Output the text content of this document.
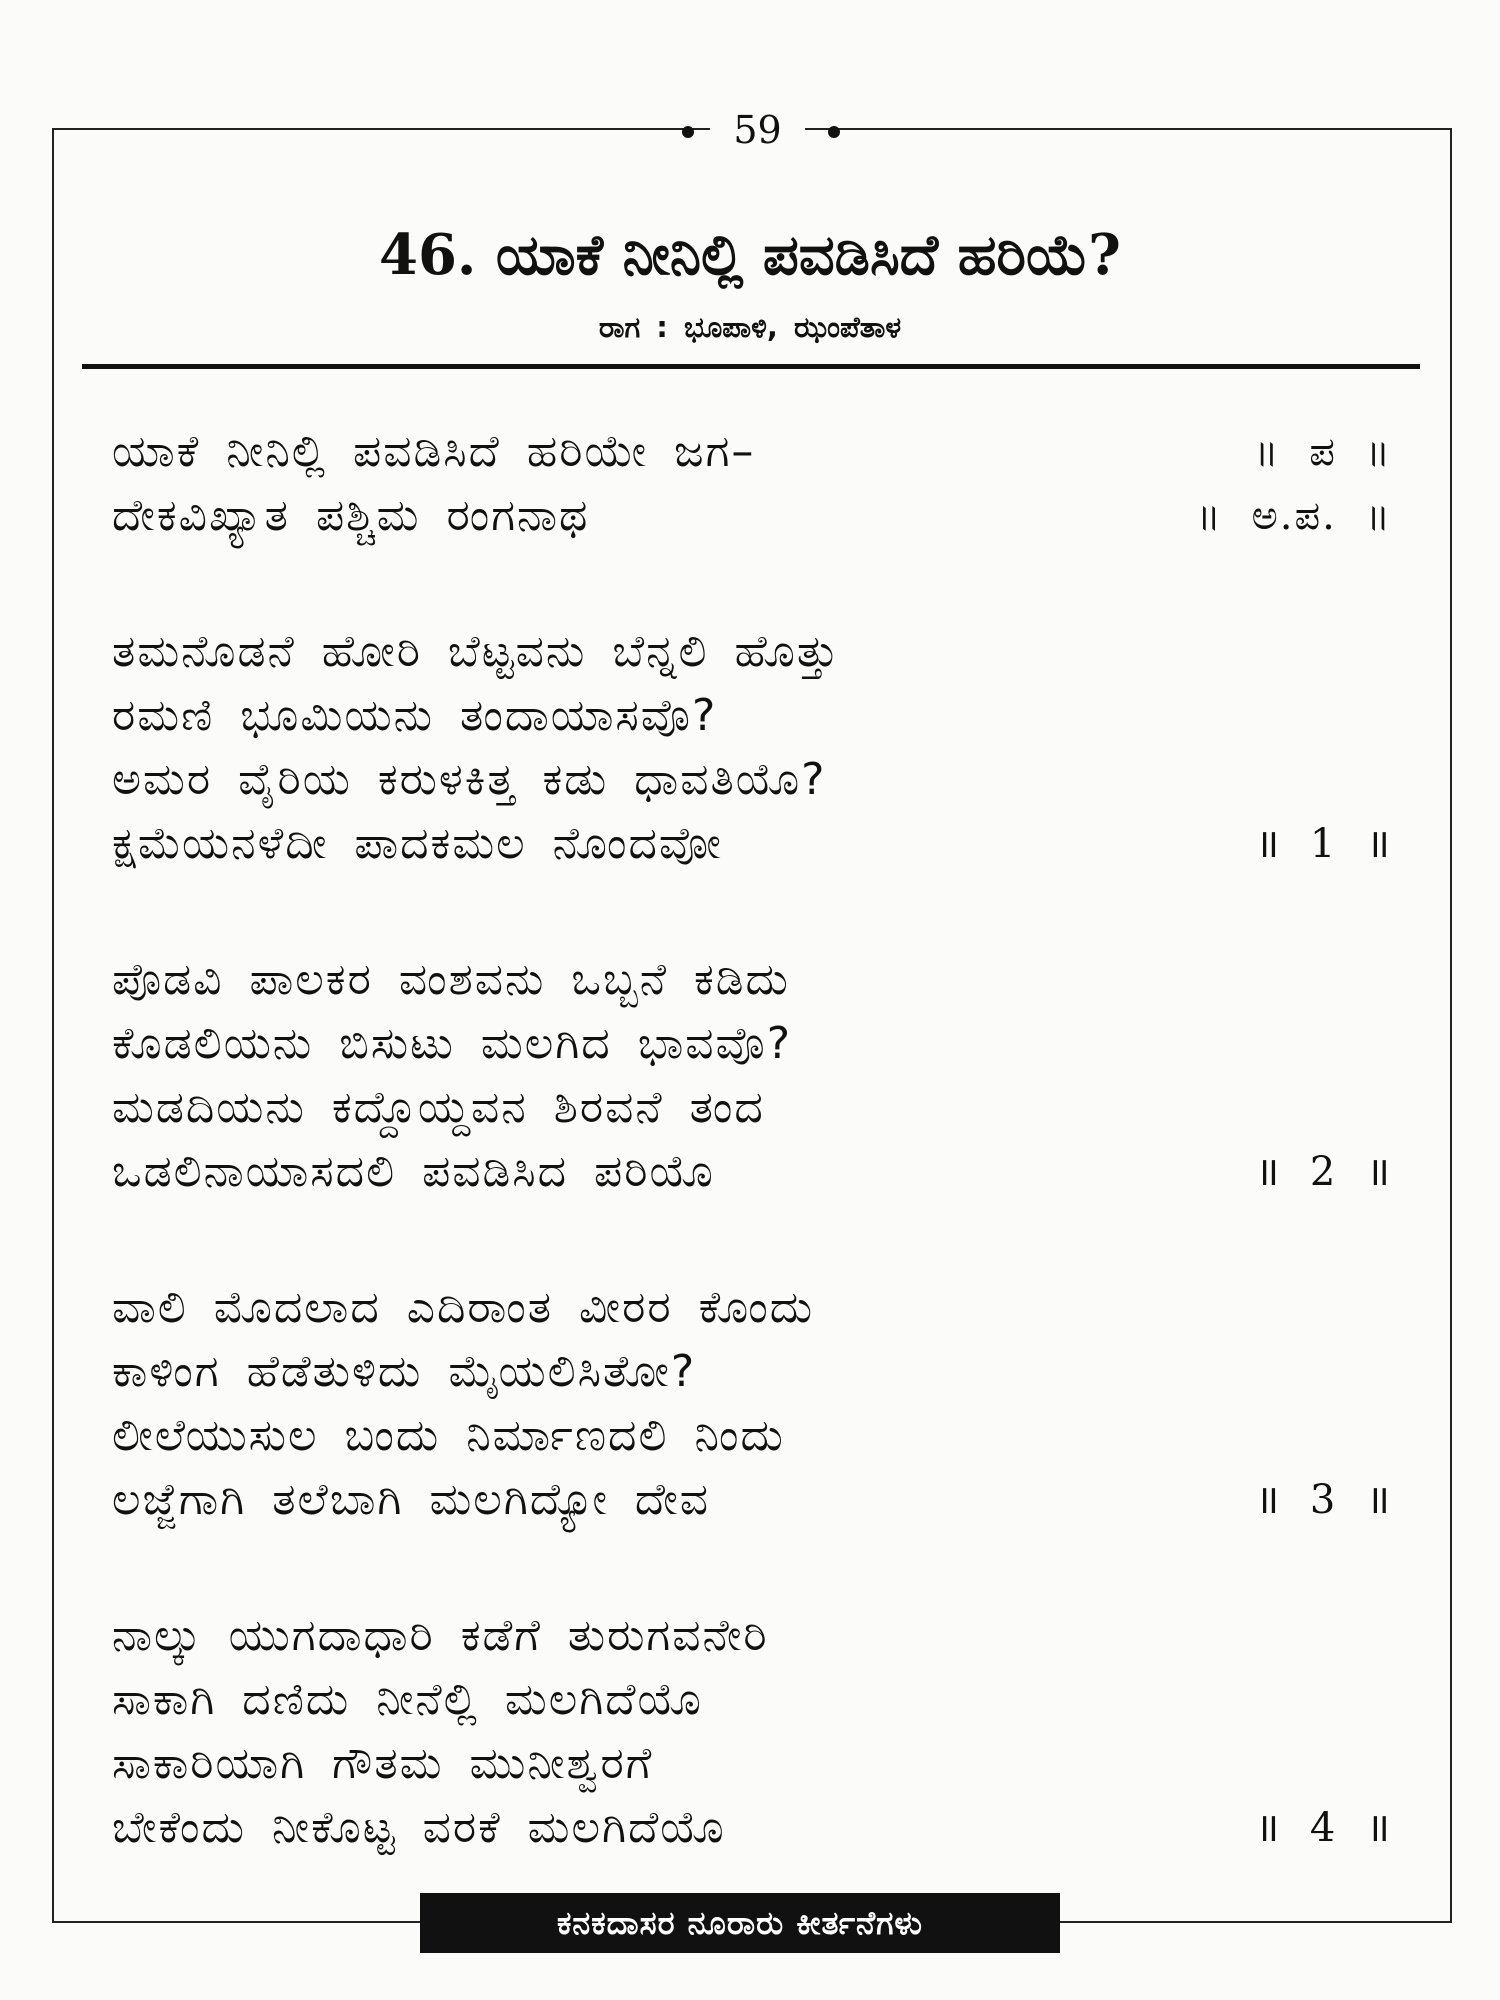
59
46. ಯಾಕೆ ನೀನಿಲ್ಲಿ ಪವಡಿಸಿದೆ ಹರಿಯೆ?
ರಾಗ : ಭೂಪಾಳಿ, ಝಂಪೆತಾಳ
ಯಾಕೆ ನೀನಿಲ್ಲಿ ಪವಡಿಸಿದೆ ಹರಿಯೇ ಜಗ–	॥ ಪ ॥
ದೇಕವಿಖ್ಯಾತ ಪಶ್ಚಿಮ ರಂಗನಾಥ	॥ ಅ.ಪ. ॥
ತಮನೊಡನೆ ಹೋರಿ ಬೆಟ್ಟವನು ಬೆನ್ನಲಿ ಹೊತ್ತು
ರಮಣಿ ಭೂಮಿಯನು ತಂದಾಯಾಸವೊ?
ಅಮರ ವೈರಿಯ ಕರುಳಕಿತ್ತ ಕಡು ಧಾವತಿಯೊ?
ಕ್ಷಮೆಯನಳೆದೀ ಪಾದಕಮಲ ನೊಂದವೋ	॥ 1 ॥
ಪೊಡವಿ ಪಾಲಕರ ವಂಶವನು ಒಬ್ಬನೆ ಕಡಿದು
ಕೊಡಲಿಯನು ಬಿಸುಟು ಮಲಗಿದ ಭಾವವೊ?
ಮಡದಿಯನು ಕದ್ದೊಯ್ದವನ ಶಿರವನೆ ತಂದ
ಒಡಲಿನಾಯಾಸದಲಿ ಪವಡಿಸಿದ ಪರಿಯೊ	॥ 2 ॥
ವಾಲಿ ಮೊದಲಾದ ಎದಿರಾಂತ ವೀರರ ಕೊಂದು
ಕಾಳಿಂಗ ಹೆಡೆತುಳಿದು ಮೈಯಲಿಸಿತೋ?
ಲೀಲೆಯುಸುಲ ಬಂದು ನಿರ್ಮಾಣದಲಿ ನಿಂದು
ಲಜ್ಜೆಗಾಗಿ ತಲೆಬಾಗಿ ಮಲಗಿದ್ಯೋ ದೇವ	॥ 3 ॥
ನಾಲ್ಕು ಯುಗದಾಧಾರಿ ಕಡೆಗೆ ತುರುಗವನೇರಿ
ಸಾಕಾಗಿ ದಣಿದು ನೀನೆಲ್ಲಿ ಮಲಗಿದೆಯೊ
ಸಾಕಾರಿಯಾಗಿ ಗೌತಮ ಮುನೀಶ್ವರಗೆ
ಬೇಕೆಂದು ನೀಕೊಟ್ಟ ವರಕೆ ಮಲಗಿದೆಯೊ	॥ 4 ॥
ಕನಕದಾಸರ ನೂರಾರು ಕೀರ್ತನೆಗಳು
